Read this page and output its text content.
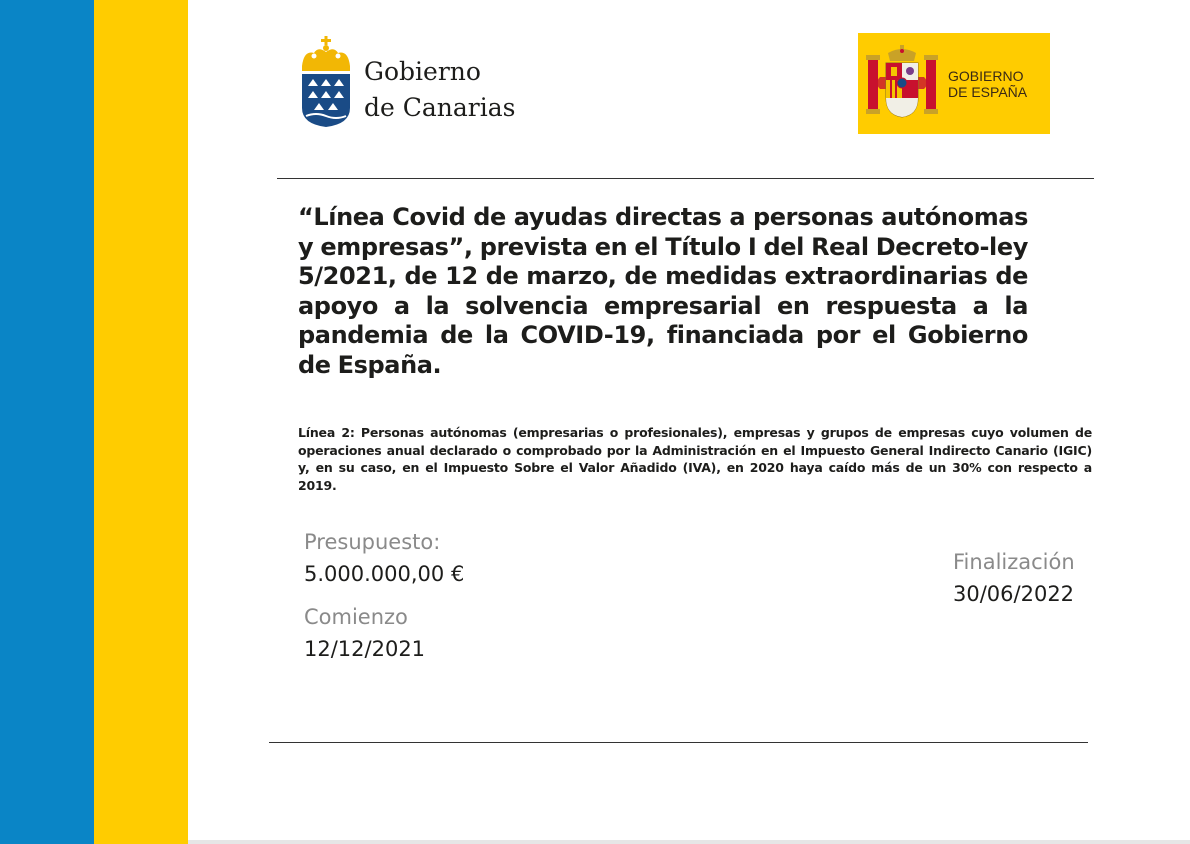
Gobierno
de Canarias
GOBIERNO
DE ESPAÑA

“Línea Covid de ayudas directas a personas autónomas y empresas”, prevista en el Título I del Real Decreto-ley 5/2021, de 12 de marzo, de medidas extraordinarias de apoyo a la solvencia empresarial en respuesta a la pandemia de la COVID-19, financiada por el Gobierno de España.

Línea 2: Personas autónomas (empresarias o profesionales), empresas y grupos de empresas cuyo volumen de operaciones anual declarado o comprobado por la Administración en el Impuesto General Indirecto Canario (IGIC) y, en su caso, en el Impuesto Sobre el Valor Añadido (IVA), en 2020 haya caído más de un 30% con respecto a 2019.

Presupuesto:
5.000.000,00 €
Comienzo
12/12/2021
Finalización
30/06/2022
